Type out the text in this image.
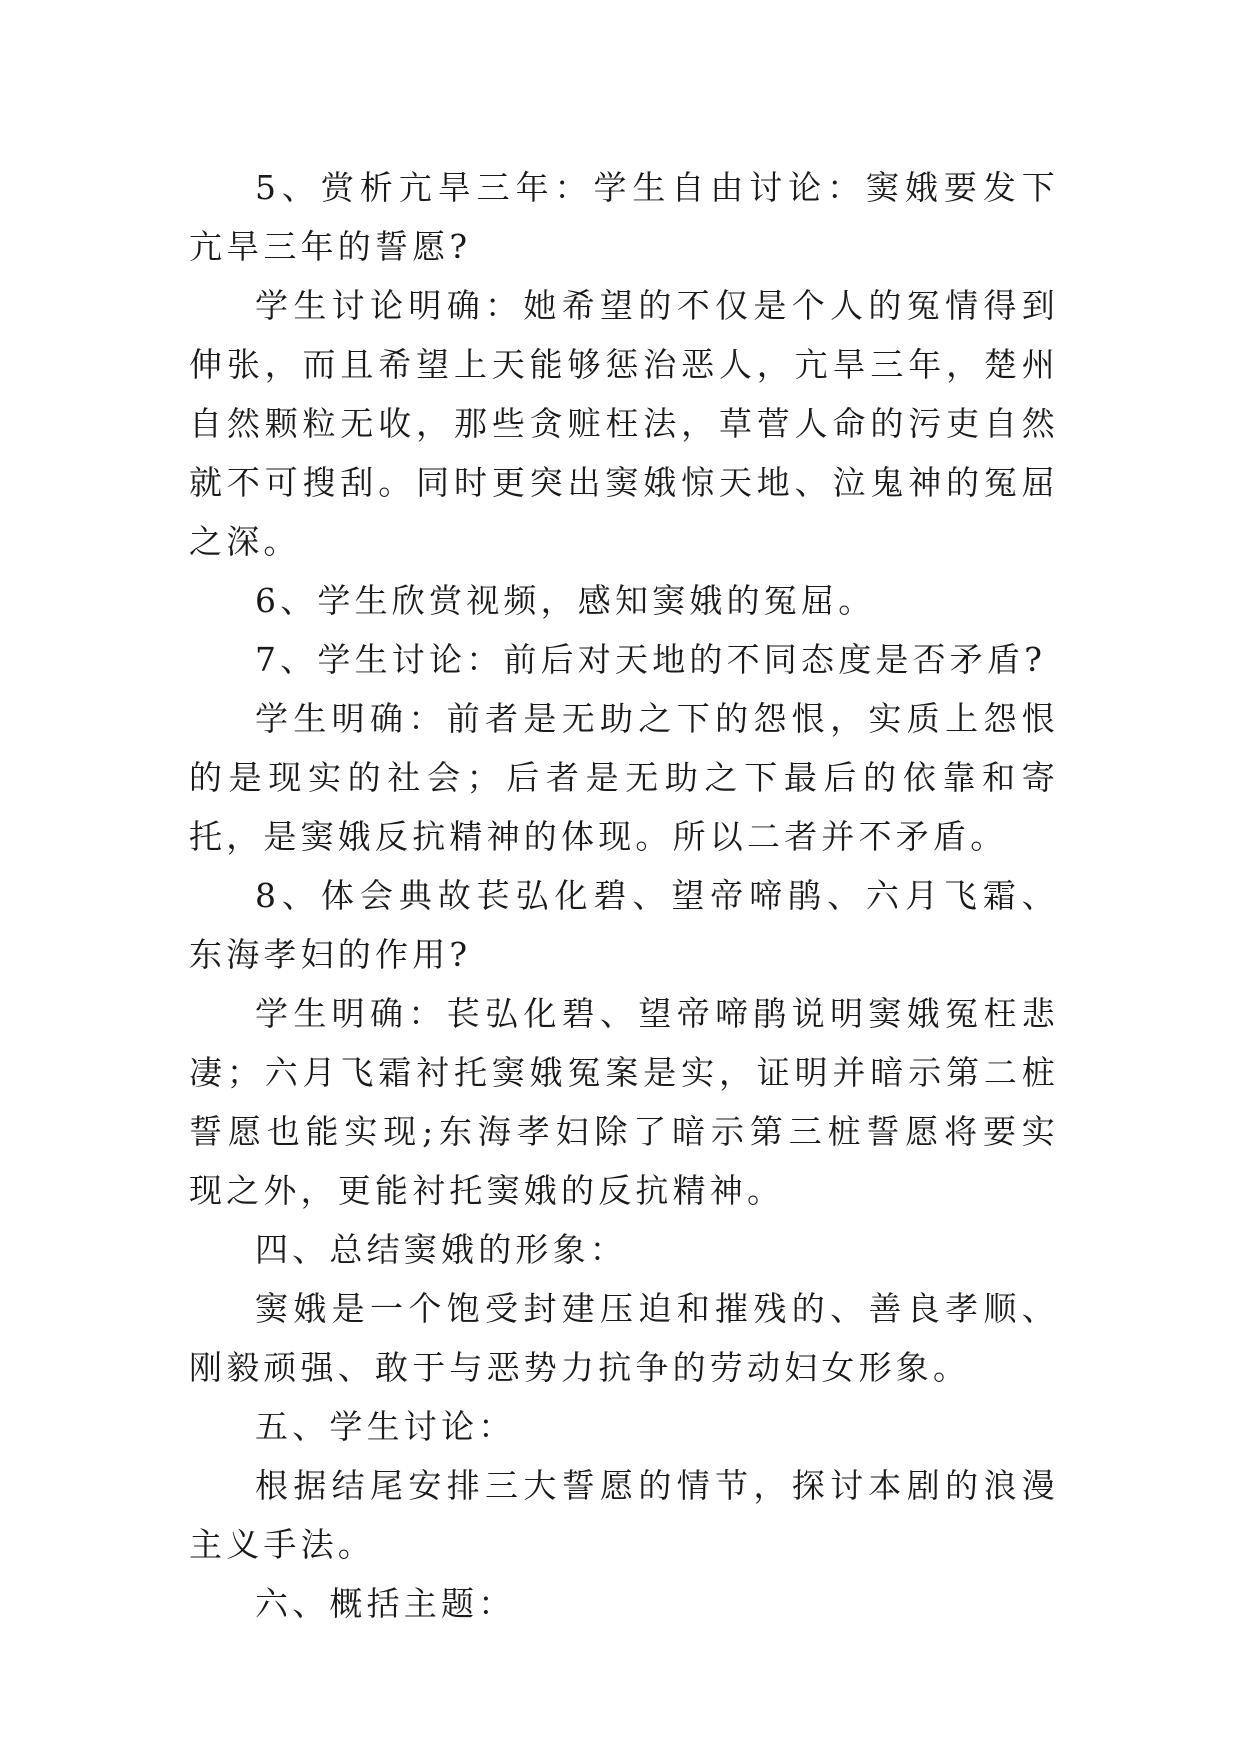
5、赏析亢旱三年：学生自由讨论：窦娥要发下亢旱三年的誓愿?

学生讨论明确：她希望的不仅是个人的冤情得到伸张，而且希望上天能够惩治恶人，亢旱三年，楚州自然颗粒无收，那些贪赃枉法，草菅人命的污吏自然就不可搜刮。同时更突出窦娥惊天地、泣鬼神的冤屈之深。

6、学生欣赏视频，感知窦娥的冤屈。

7、学生讨论：前后对天地的不同态度是否矛盾?

学生明确：前者是无助之下的怨恨，实质上怨恨的是现实的社会；后者是无助之下最后的依靠和寄托，是窦娥反抗精神的体现。所以二者并不矛盾。

8、体会典故苌弘化碧、望帝啼鹃、六月飞霜、东海孝妇的作用?

学生明确：苌弘化碧、望帝啼鹃说明窦娥冤枉悲凄；六月飞霜衬托窦娥冤案是实，证明并暗示第二桩誓愿也能实现;东海孝妇除了暗示第三桩誓愿将要实现之外，更能衬托窦娥的反抗精神。

四、总结窦娥的形象：

窦娥是一个饱受封建压迫和摧残的、善良孝顺、刚毅顽强、敢于与恶势力抗争的劳动妇女形象。

五、学生讨论：

根据结尾安排三大誓愿的情节，探讨本剧的浪漫主义手法。

六、概括主题：
